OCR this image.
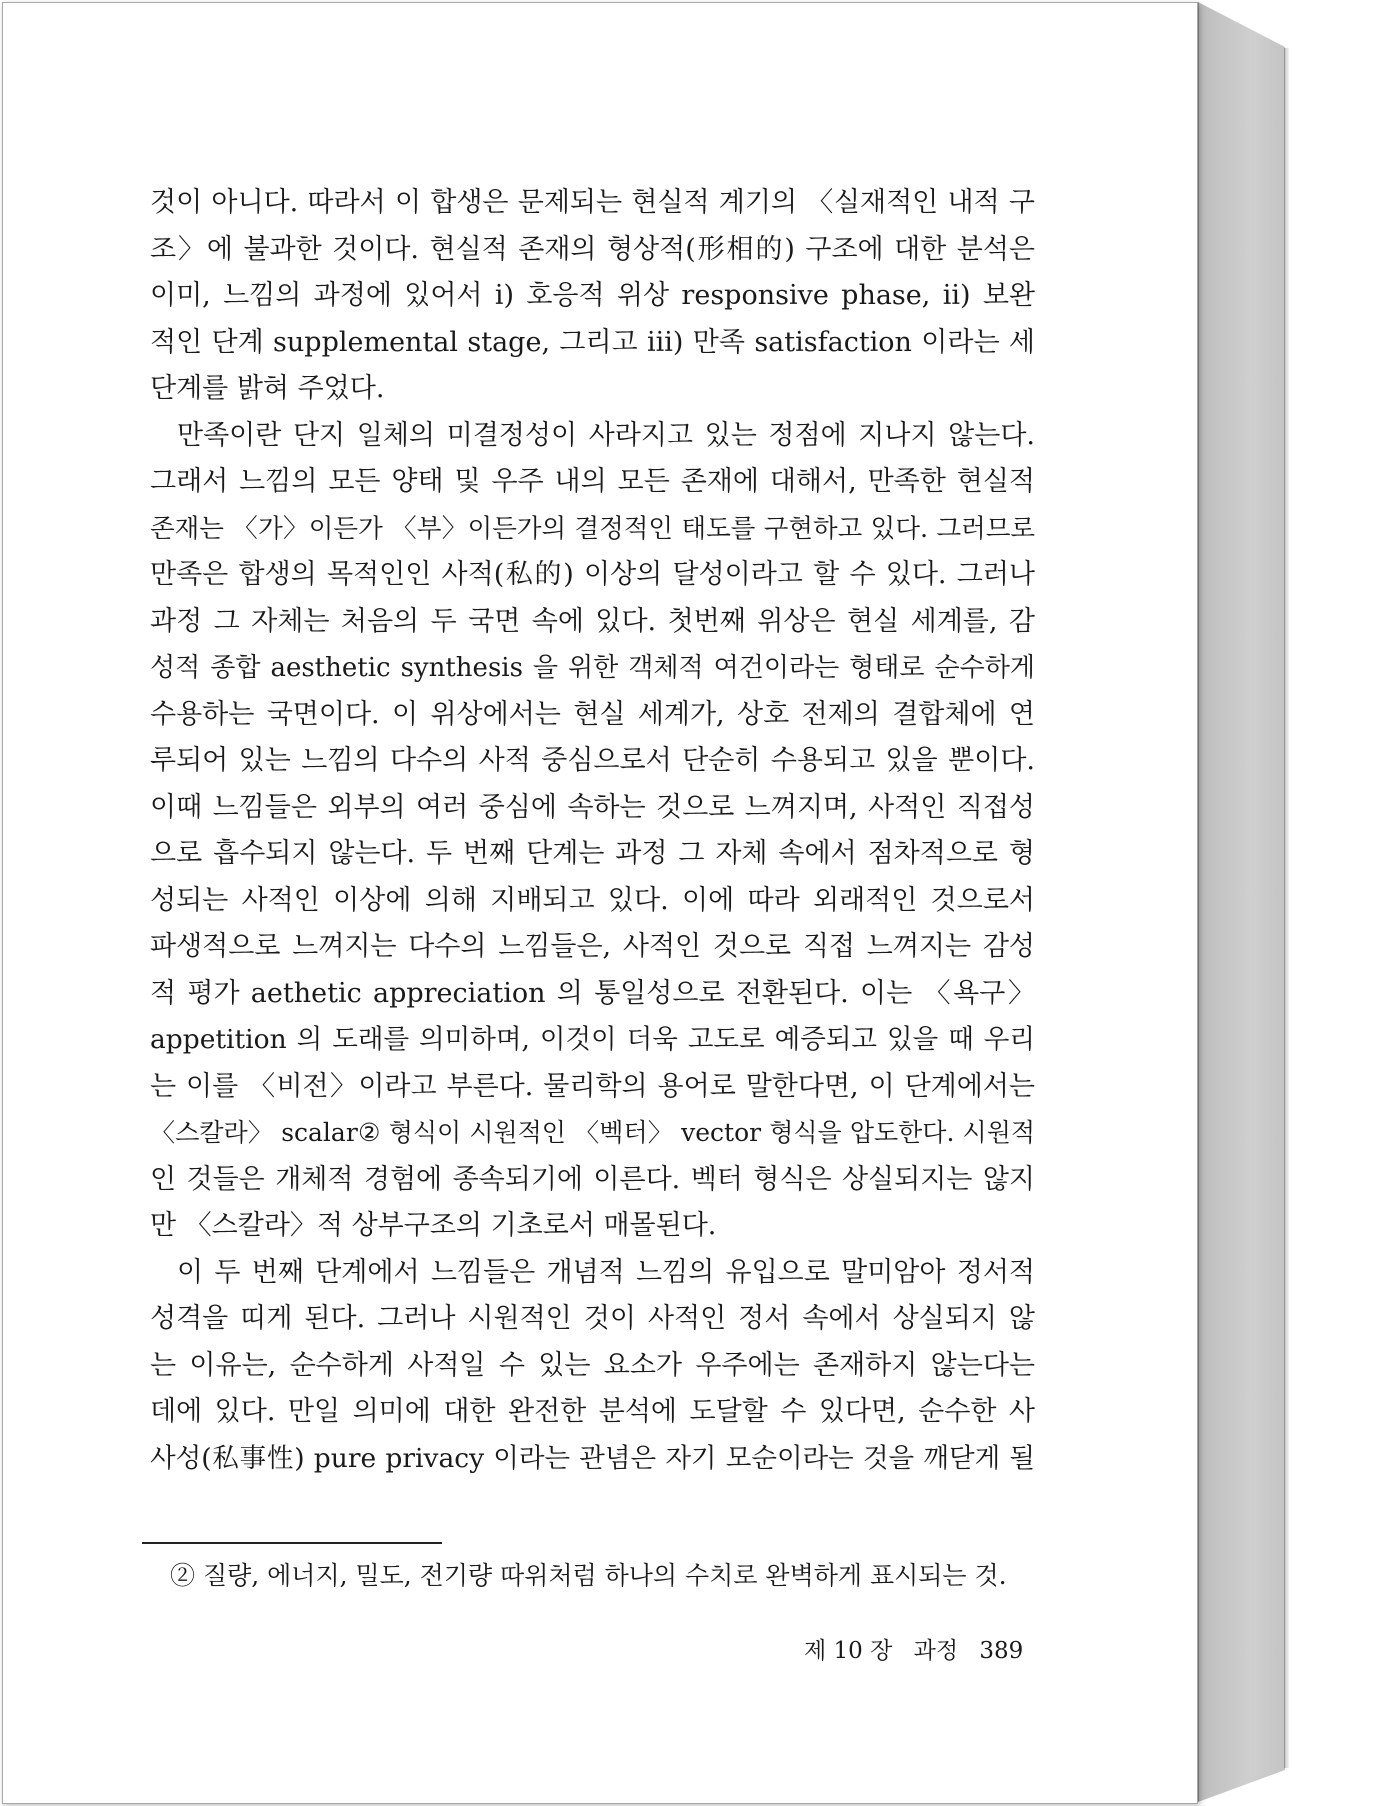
것이 아니다. 따라서 이 합생은 문제되는 현실적 계기의 〈실재적인 내적 구
조〉에 불과한 것이다. 현실적 존재의 형상적(形相的) 구조에 대한 분석은
이미, 느낌의 과정에 있어서 i) 호응적 위상 responsive phase, ii) 보완
적인 단계 supplemental stage, 그리고 iii) 만족 satisfaction 이라는 세
단계를 밝혀 주었다.

만족이란 단지 일체의 미결정성이 사라지고 있는 정점에 지나지 않는다.
그래서 느낌의 모든 양태 및 우주 내의 모든 존재에 대해서, 만족한 현실적
존재는 〈가〉이든가 〈부〉이든가의 결정적인 태도를 구현하고 있다. 그러므로
만족은 합생의 목적인인 사적(私的) 이상의 달성이라고 할 수 있다. 그러나
과정 그 자체는 처음의 두 국면 속에 있다. 첫번째 위상은 현실 세계를, 감
성적 종합 aesthetic synthesis 을 위한 객체적 여건이라는 형태로 순수하게
수용하는 국면이다. 이 위상에서는 현실 세계가, 상호 전제의 결합체에 연
루되어 있는 느낌의 다수의 사적 중심으로서 단순히 수용되고 있을 뿐이다.
이때 느낌들은 외부의 여러 중심에 속하는 것으로 느껴지며, 사적인 직접성
으로 흡수되지 않는다. 두 번째 단계는 과정 그 자체 속에서 점차적으로 형
성되는 사적인 이상에 의해 지배되고 있다. 이에 따라 외래적인 것으로서
파생적으로 느껴지는 다수의 느낌들은, 사적인 것으로 직접 느껴지는 감성
적 평가 aethetic appreciation 의 통일성으로 전환된다. 이는 〈욕구〉
appetition 의 도래를 의미하며, 이것이 더욱 고도로 예증되고 있을 때 우리
는 이를 〈비전〉이라고 부른다. 물리학의 용어로 말한다면, 이 단계에서는
〈스칼라〉 scalar② 형식이 시원적인 〈벡터〉 vector 형식을 압도한다. 시원적
인 것들은 개체적 경험에 종속되기에 이른다. 벡터 형식은 상실되지는 않지
만 〈스칼라〉적 상부구조의 기초로서 매몰된다.

이 두 번째 단계에서 느낌들은 개념적 느낌의 유입으로 말미암아 정서적
성격을 띠게 된다. 그러나 시원적인 것이 사적인 정서 속에서 상실되지 않
는 이유는, 순수하게 사적일 수 있는 요소가 우주에는 존재하지 않는다는
데에 있다. 만일 의미에 대한 완전한 분석에 도달할 수 있다면, 순수한 사
사성(私事性) pure privacy 이라는 관념은 자기 모순이라는 것을 깨닫게 될

② 질량, 에너지, 밀도, 전기량 따위처럼 하나의 수치로 완벽하게 표시되는 것.
제 10 장 과정 389
